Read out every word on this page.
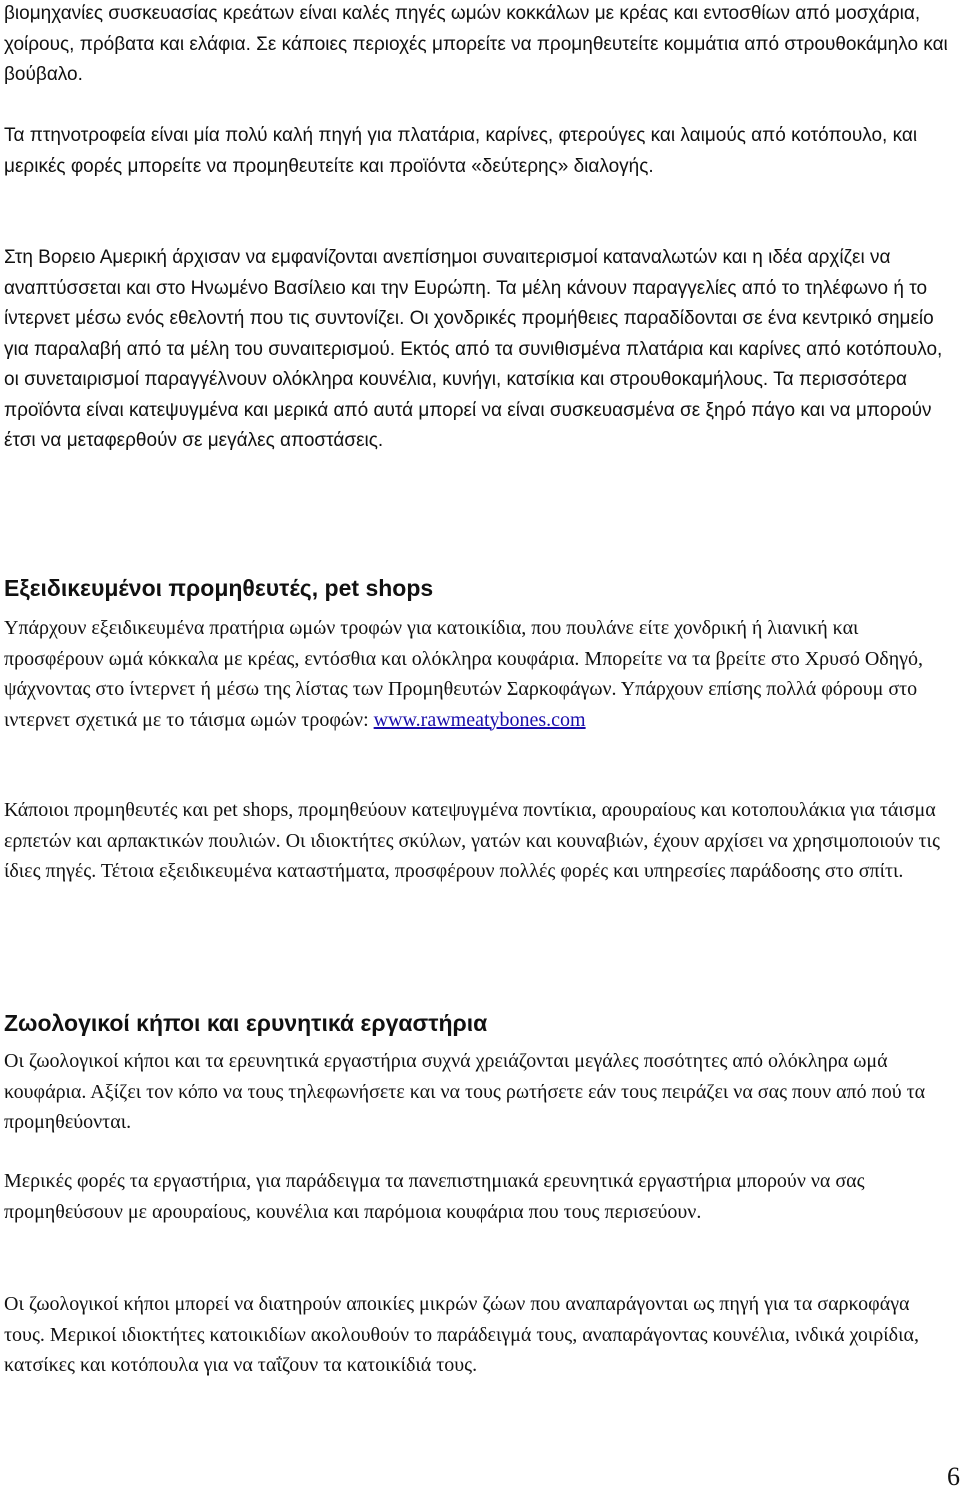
βιομηχανίες συσκευασίας κρεάτων είναι καλές πηγές ωμών κοκκάλων με κρέας και εντοσθίων από μοσχάρια, χοίρους, πρόβατα και ελάφια. Σε κάποιες περιοχές μπορείτε να προμηθευτείτε κομμάτια από στρουθοκάμηλο και βούβαλο.

Τα πτηνοτροφεία είναι μία πολύ καλή πηγή για πλατάρια, καρίνες, φτερούγες και λαιμούς από κοτόπουλο, και μερικές φορές μπορείτε να προμηθευτείτε και προϊόντα «δεύτερης» διαλογής.

Στη Βορειο Αμερική άρχισαν να εμφανίζονται ανεπίσημοι συναιτερισμοί καταναλωτών και η ιδέα αρχίζει να αναπτύσσεται και στο Ηνωμένο Βασίλειο και την Ευρώπη. Τα μέλη κάνουν παραγγελίες από το τηλέφωνο ή το ίντερνετ μέσω ενός εθελοντή που τις συντονίζει. Οι χονδρικές προμήθειες παραδίδονται σε ένα κεντρικό σημείο για παραλαβή από τα μέλη του συναιτερισμού. Εκτός από τα συνιθισμένα πλατάρια και καρίνες από κοτόπουλο, οι συνεταιρισμοί παραγγέλνουν ολόκληρα κουνέλια, κυνήγι, κατσίκια και στρουθοκαμήλους. Τα περισσότερα προϊόντα είναι κατεψυγμένα και μερικά από αυτά μπορεί να είναι συσκευασμένα σε ξηρό πάγο και να μπορούν έτσι να μεταφερθούν σε μεγάλες αποστάσεις.

Εξειδικευμένοι προμηθευτές, pet shops

Υπάρχουν εξειδικευμένα πρατήρια ωμών τροφών για κατοικίδια, που πουλάνε είτε χονδρική ή λιανική και προσφέρουν ωμά κόκκαλα με κρέας, εντόσθια και ολόκληρα κουφάρια. Μπορείτε να τα βρείτε στο Χρυσό Οδηγό, ψάχνοντας στο ίντερνετ ή μέσω της λίστας των Προμηθευτών Σαρκοφάγων. Υπάρχουν επίσης πολλά φόρουμ στο ιντερνετ σχετικά με το τάισμα ωμών τροφών: www.rawmeatybones.com

Κάποιοι προμηθευτές και pet shops, προμηθεύουν κατεψυγμένα ποντίκια, αρουραίους και κοτοπουλάκια για τάισμα ερπετών και αρπακτικών πουλιών. Οι ιδιοκτήτες σκύλων, γατών και κουναβιών, έχουν αρχίσει να χρησιμοποιούν τις ίδιες πηγές. Τέτοια εξειδικευμένα καταστήματα, προσφέρουν πολλές φορές και υπηρεσίες παράδοσης στο σπίτι.

Ζωολογικοί κήποι και ερυνητικά εργαστήρια

Οι ζωολογικοί κήποι και τα ερευνητικά εργαστήρια συχνά χρειάζονται μεγάλες ποσότητες από ολόκληρα ωμά κουφάρια. Αξίζει τον κόπο να τους τηλεφωνήσετε και να τους ρωτήσετε εάν τους πειράζει να σας πουν από πού τα προμηθεύονται.

Μερικές φορές τα εργαστήρια, για παράδειγμα τα πανεπιστημιακά ερευνητικά εργαστήρια μπορούν να σας προμηθεύσουν με αρουραίους, κουνέλια και παρόμοια κουφάρια που τους περισεύουν.

Οι ζωολογικοί κήποι μπορεί να διατηρούν αποικίες μικρών ζώων που αναπαράγονται ως πηγή για τα σαρκοφάγα τους. Μερικοί ιδιοκτήτες κατοικιδίων ακολουθούν το παράδειγμά τους, αναπαράγοντας κουνέλια, ινδικά χοιρίδια, κατσίκες και κοτόπουλα για να ταΐζουν τα κατοικίδιά τους.

6
